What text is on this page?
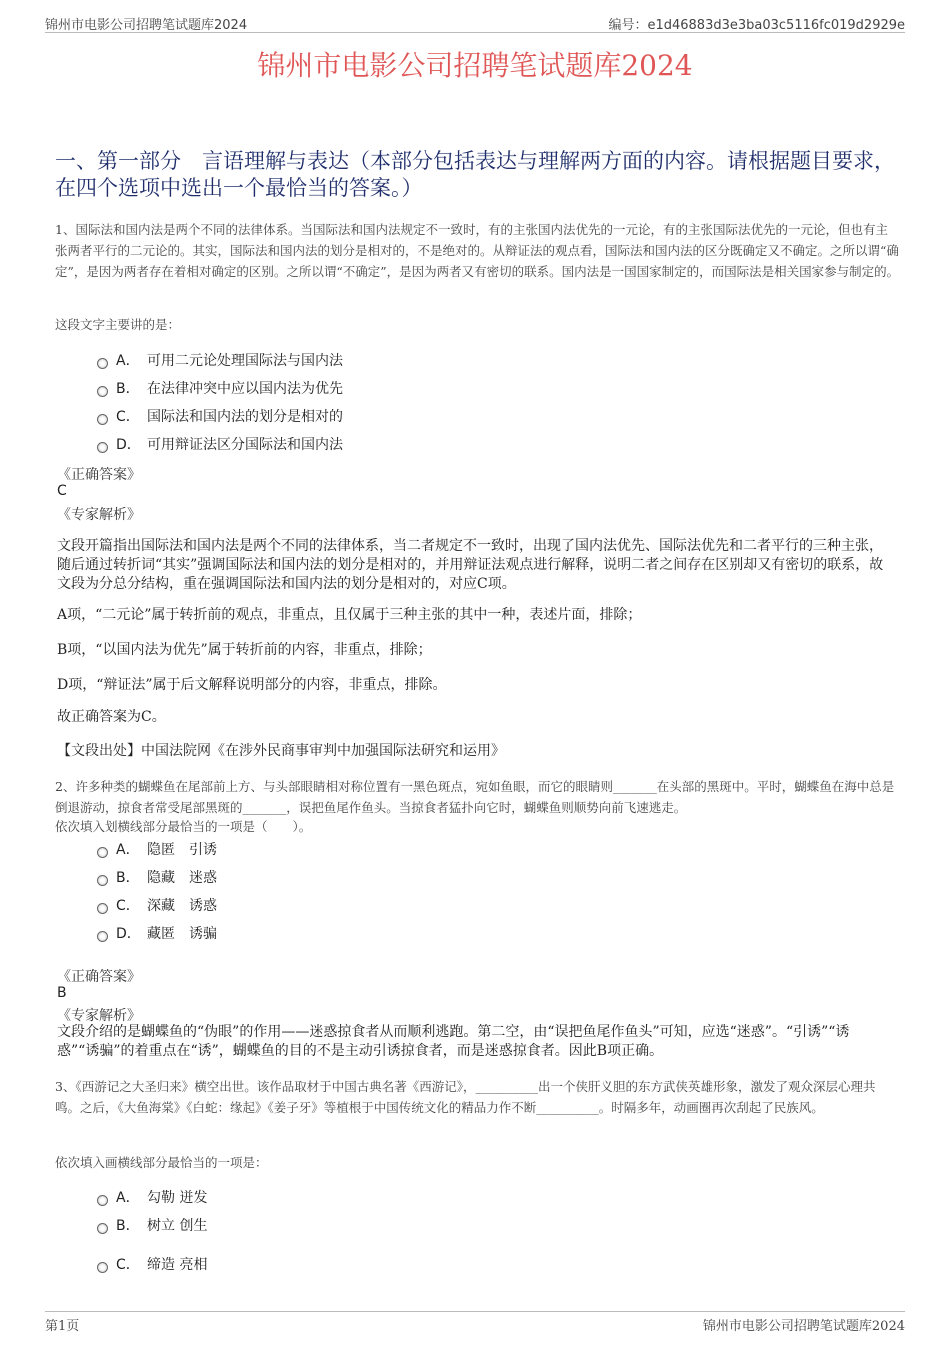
锦州市电影公司招聘笔试题库2024	编号：e1d46883d3e3ba03c5116fc019d2929e
锦州市电影公司招聘笔试题库2024
一、第一部分　言语理解与表达（本部分包括表达与理解两方面的内容。请根据题目要求，在四个选项中选出一个最恰当的答案。）
1、国际法和国内法是两个不同的法律体系。当国际法和国内法规定不一致时，有的主张国内法优先的一元论，有的主张国际法优先的一元论，但也有主张两者平行的二元论的。其实，国际法和国内法的划分是相对的，不是绝对的。从辩证法的观点看，国际法和国内法的区分既确定又不确定。之所以谓“确定”，是因为两者存在着相对确定的区别。之所以谓“不确定”，是因为两者又有密切的联系。国内法是一国国家制定的，而国际法是相关国家参与制定的。
这段文字主要讲的是：
A． 可用二元论处理国际法与国内法
B． 在法律冲突中应以国内法为优先
C． 国际法和国内法的划分是相对的
D． 可用辩证法区分国际法和国内法
《正确答案》
C
《专家解析》
文段开篇指出国际法和国内法是两个不同的法律体系，当二者规定不一致时，出现了国内法优先、国际法优先和二者平行的三种主张，随后通过转折词“其实”强调国际法和国内法的划分是相对的，并用辩证法观点进行解释，说明二者之间存在区别却又有密切的联系，故文段为分总分结构，重在强调国际法和国内法的划分是相对的，对应C项。
A项，“二元论”属于转折前的观点，非重点，且仅属于三种主张的其中一种，表述片面，排除；
B项，“以国内法为优先”属于转折前的内容，非重点，排除；
D项，“辩证法”属于后文解释说明部分的内容，非重点，排除。
故正确答案为C。
【文段出处】中国法院网《在涉外民商事审判中加强国际法研究和运用》
2、许多种类的蝴蝶鱼在尾部前上方、与头部眼睛相对称位置有一黑色斑点，宛如鱼眼，而它的眼睛则_______在头部的黑斑中。平时，蝴蝶鱼在海中总是倒退游动，掠食者常受尾部黑斑的_______，误把鱼尾作鱼头。当掠食者猛扑向它时，蝴蝶鱼则顺势向前飞速逃走。
依次填入划横线部分最恰当的一项是（　　）。
A． 隐匿　引诱
B． 隐藏　迷惑
C． 深藏　诱惑
D． 藏匿　诱骗
《正确答案》
B
《专家解析》
文段介绍的是蝴蝶鱼的“伪眼”的作用——迷惑掠食者从而顺利逃跑。第二空，由“误把鱼尾作鱼头”可知，应选“迷惑”。“引诱”“诱惑”“诱骗”的着重点在“诱”，蝴蝶鱼的目的不是主动引诱掠食者，而是迷惑掠食者。因此B项正确。
3、《西游记之大圣归来》横空出世。该作品取材于中国古典名著《西游记》，__________出一个侠肝义胆的东方武侠英雄形象，激发了观众深层心理共鸣。之后，《大鱼海棠》《白蛇：缘起》《姜子牙》等植根于中国传统文化的精品力作不断__________。时隔多年，动画圈再次刮起了民族风。
依次填入画横线部分最恰当的一项是：
A． 勾勒 迸发
B． 树立 创生
C． 缔造 亮相
第1页	锦州市电影公司招聘笔试题库2024
